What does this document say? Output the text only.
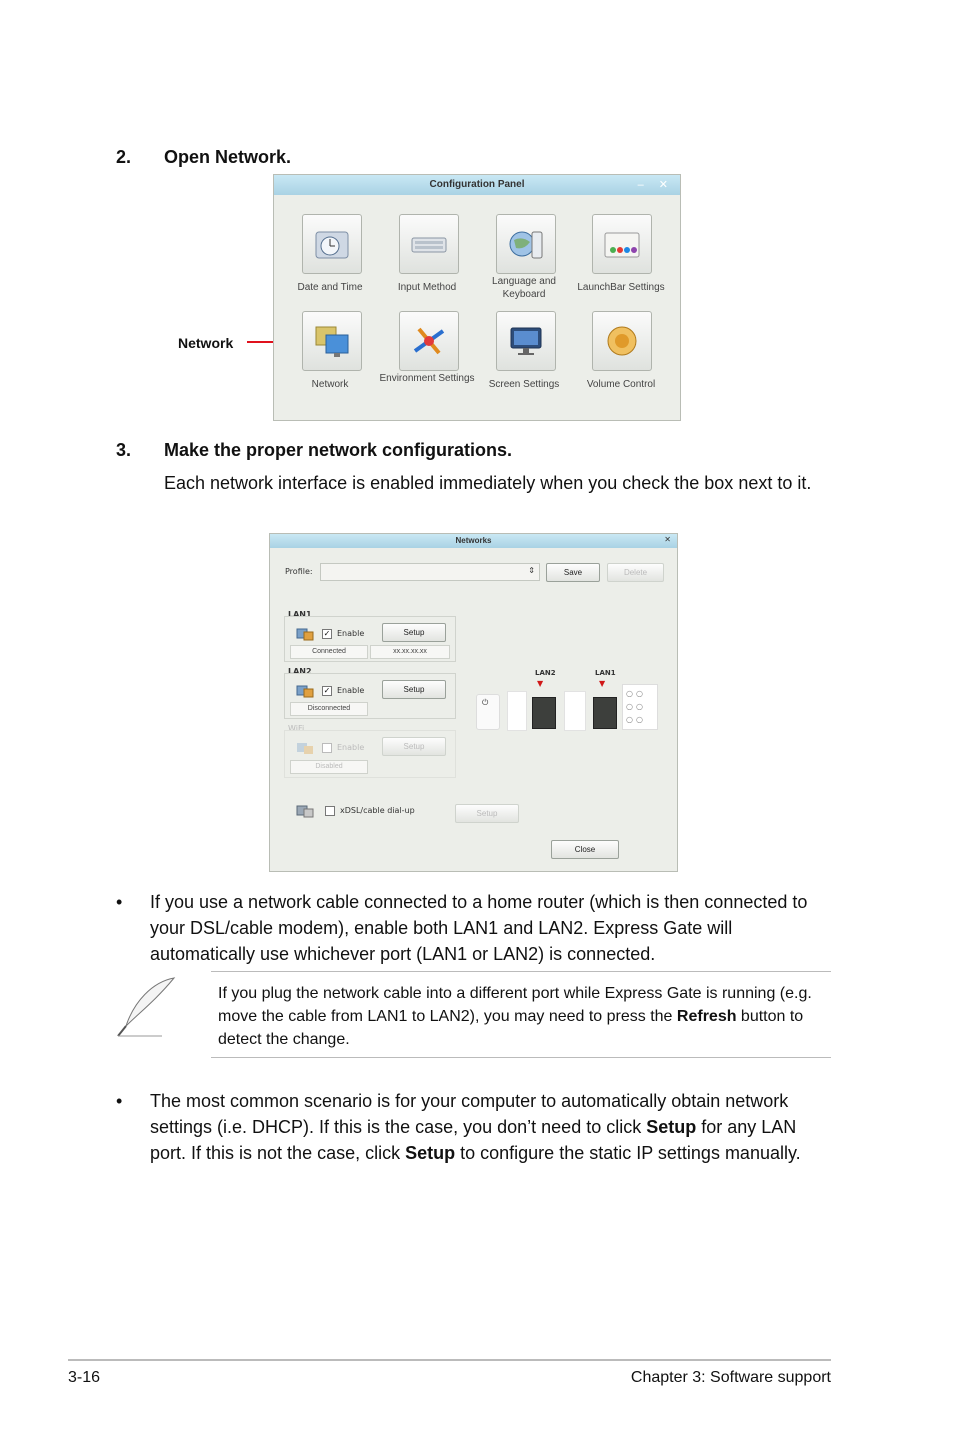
2. Open Network.
Network
Configuration Panel	– ✕
Date and Time	Input Method
Language and Keyboard
LaunchBar Settings
Network
Environment Settings
Screen Settings	Volume Control
3. Make the proper network configurations.
Each network interface is enabled immediately when you check the box next to it.
Networks	✕
Profile:	⇕	Save	Delete
LAN1
✓ Enable	Setup
Connected	xx.xx.xx.xx
LAN2
✓ Enable	Setup
Disconnected
WiFi
Enable	Setup
Disabled
LAN2
▼
LAN1
▼
⏻
○○
○○
○○
xDSL/cable dial-up	Setup
Close
• If you use a network cable connected to a home router (which is then connected to your DSL/cable modem), enable both LAN1 and LAN2. Express Gate will automatically use whichever port (LAN1 or LAN2) is connected.
If you plug the network cable into a different port while Express Gate is running (e.g. move the cable from LAN1 to LAN2), you may need to press the Refresh button to detect the change.
• The most common scenario is for your computer to automatically obtain network settings (i.e. DHCP). If this is the case, you don’t need to click Setup for any LAN port. If this is not the case, click Setup to configure the static IP settings manually.
3-16	Chapter 3: Software support
